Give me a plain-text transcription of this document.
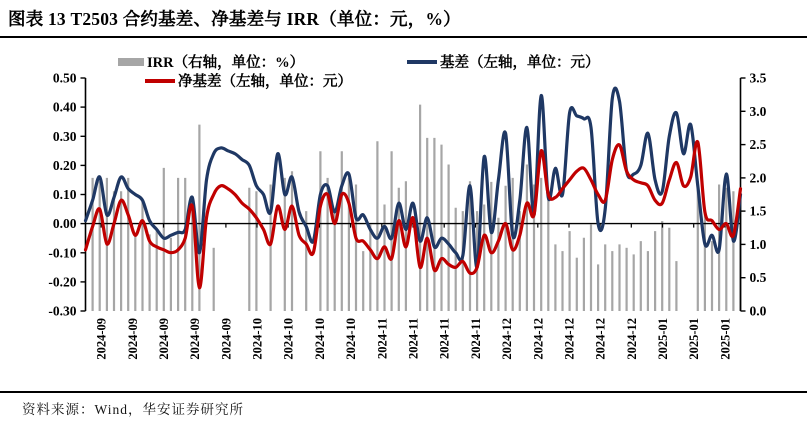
图表 13 T2503 合约基差、净基差与 IRR（单位：元，%）
IRR（右轴，单位：%）	基差（左轴，单位：元）
净基差（左轴，单位：元）
0.50
0.40
0.30
0.20
0.10
0.00
-0.10
-0.20
-0.30
3.5
3.0
2.5
2.0
1.5
1.0
0.5
0.0
2024-09 2024-09 2024-09 2024-09 2024-09 2024-10 2024-10 2024-10 2024-10 2024-11 2024-11 2024-11 2024-11 2024-12 2024-12 2024-12 2024-12 2024-12 2025-01 2025-01 2025-01
资料来源：Wind，华安证券研究所
